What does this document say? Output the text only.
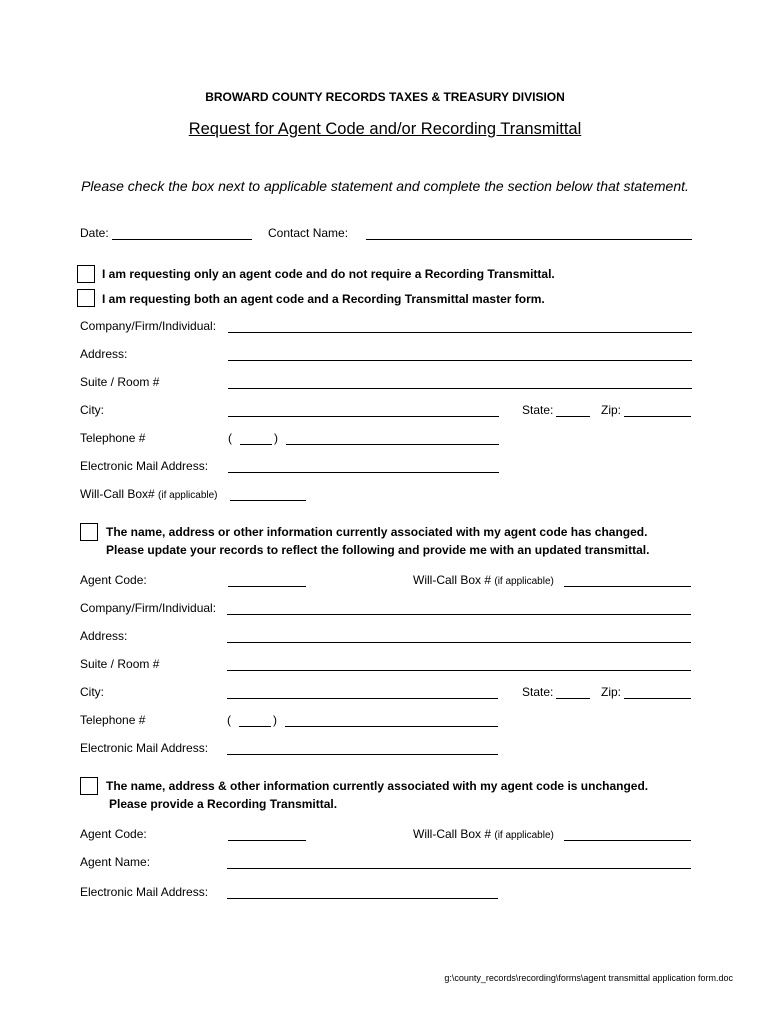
BROWARD COUNTY RECORDS TAXES & TREASURY DIVISION
Request for Agent Code and/or Recording Transmittal
Please check the box next to applicable statement and complete the section below that statement.
Date:	Contact Name:
I am requesting only an agent code and do not require a Recording Transmittal.
I am requesting both an agent code and a Recording Transmittal master form.
Company/Firm/Individual:
Address:
Suite / Room #
City:	State:	Zip:
Telephone #	(	)
Electronic Mail Address:
Will-Call Box# (if applicable)
The name, address or other information currently associated with my agent code has changed.
Please update your records to reflect the following and provide me with an updated transmittal.
Agent Code:	Will-Call Box # (if applicable)
Company/Firm/Individual:
Address:
Suite / Room #
City:	State:	Zip:
Telephone #	(	)
Electronic Mail Address:
The name, address & other information currently associated with my agent code is unchanged.
Please provide a Recording Transmittal.
Agent Code:	Will-Call Box # (if applicable)
Agent Name:
Electronic Mail Address:
g:\county_records\recording\forms\agent transmittal application form.doc
